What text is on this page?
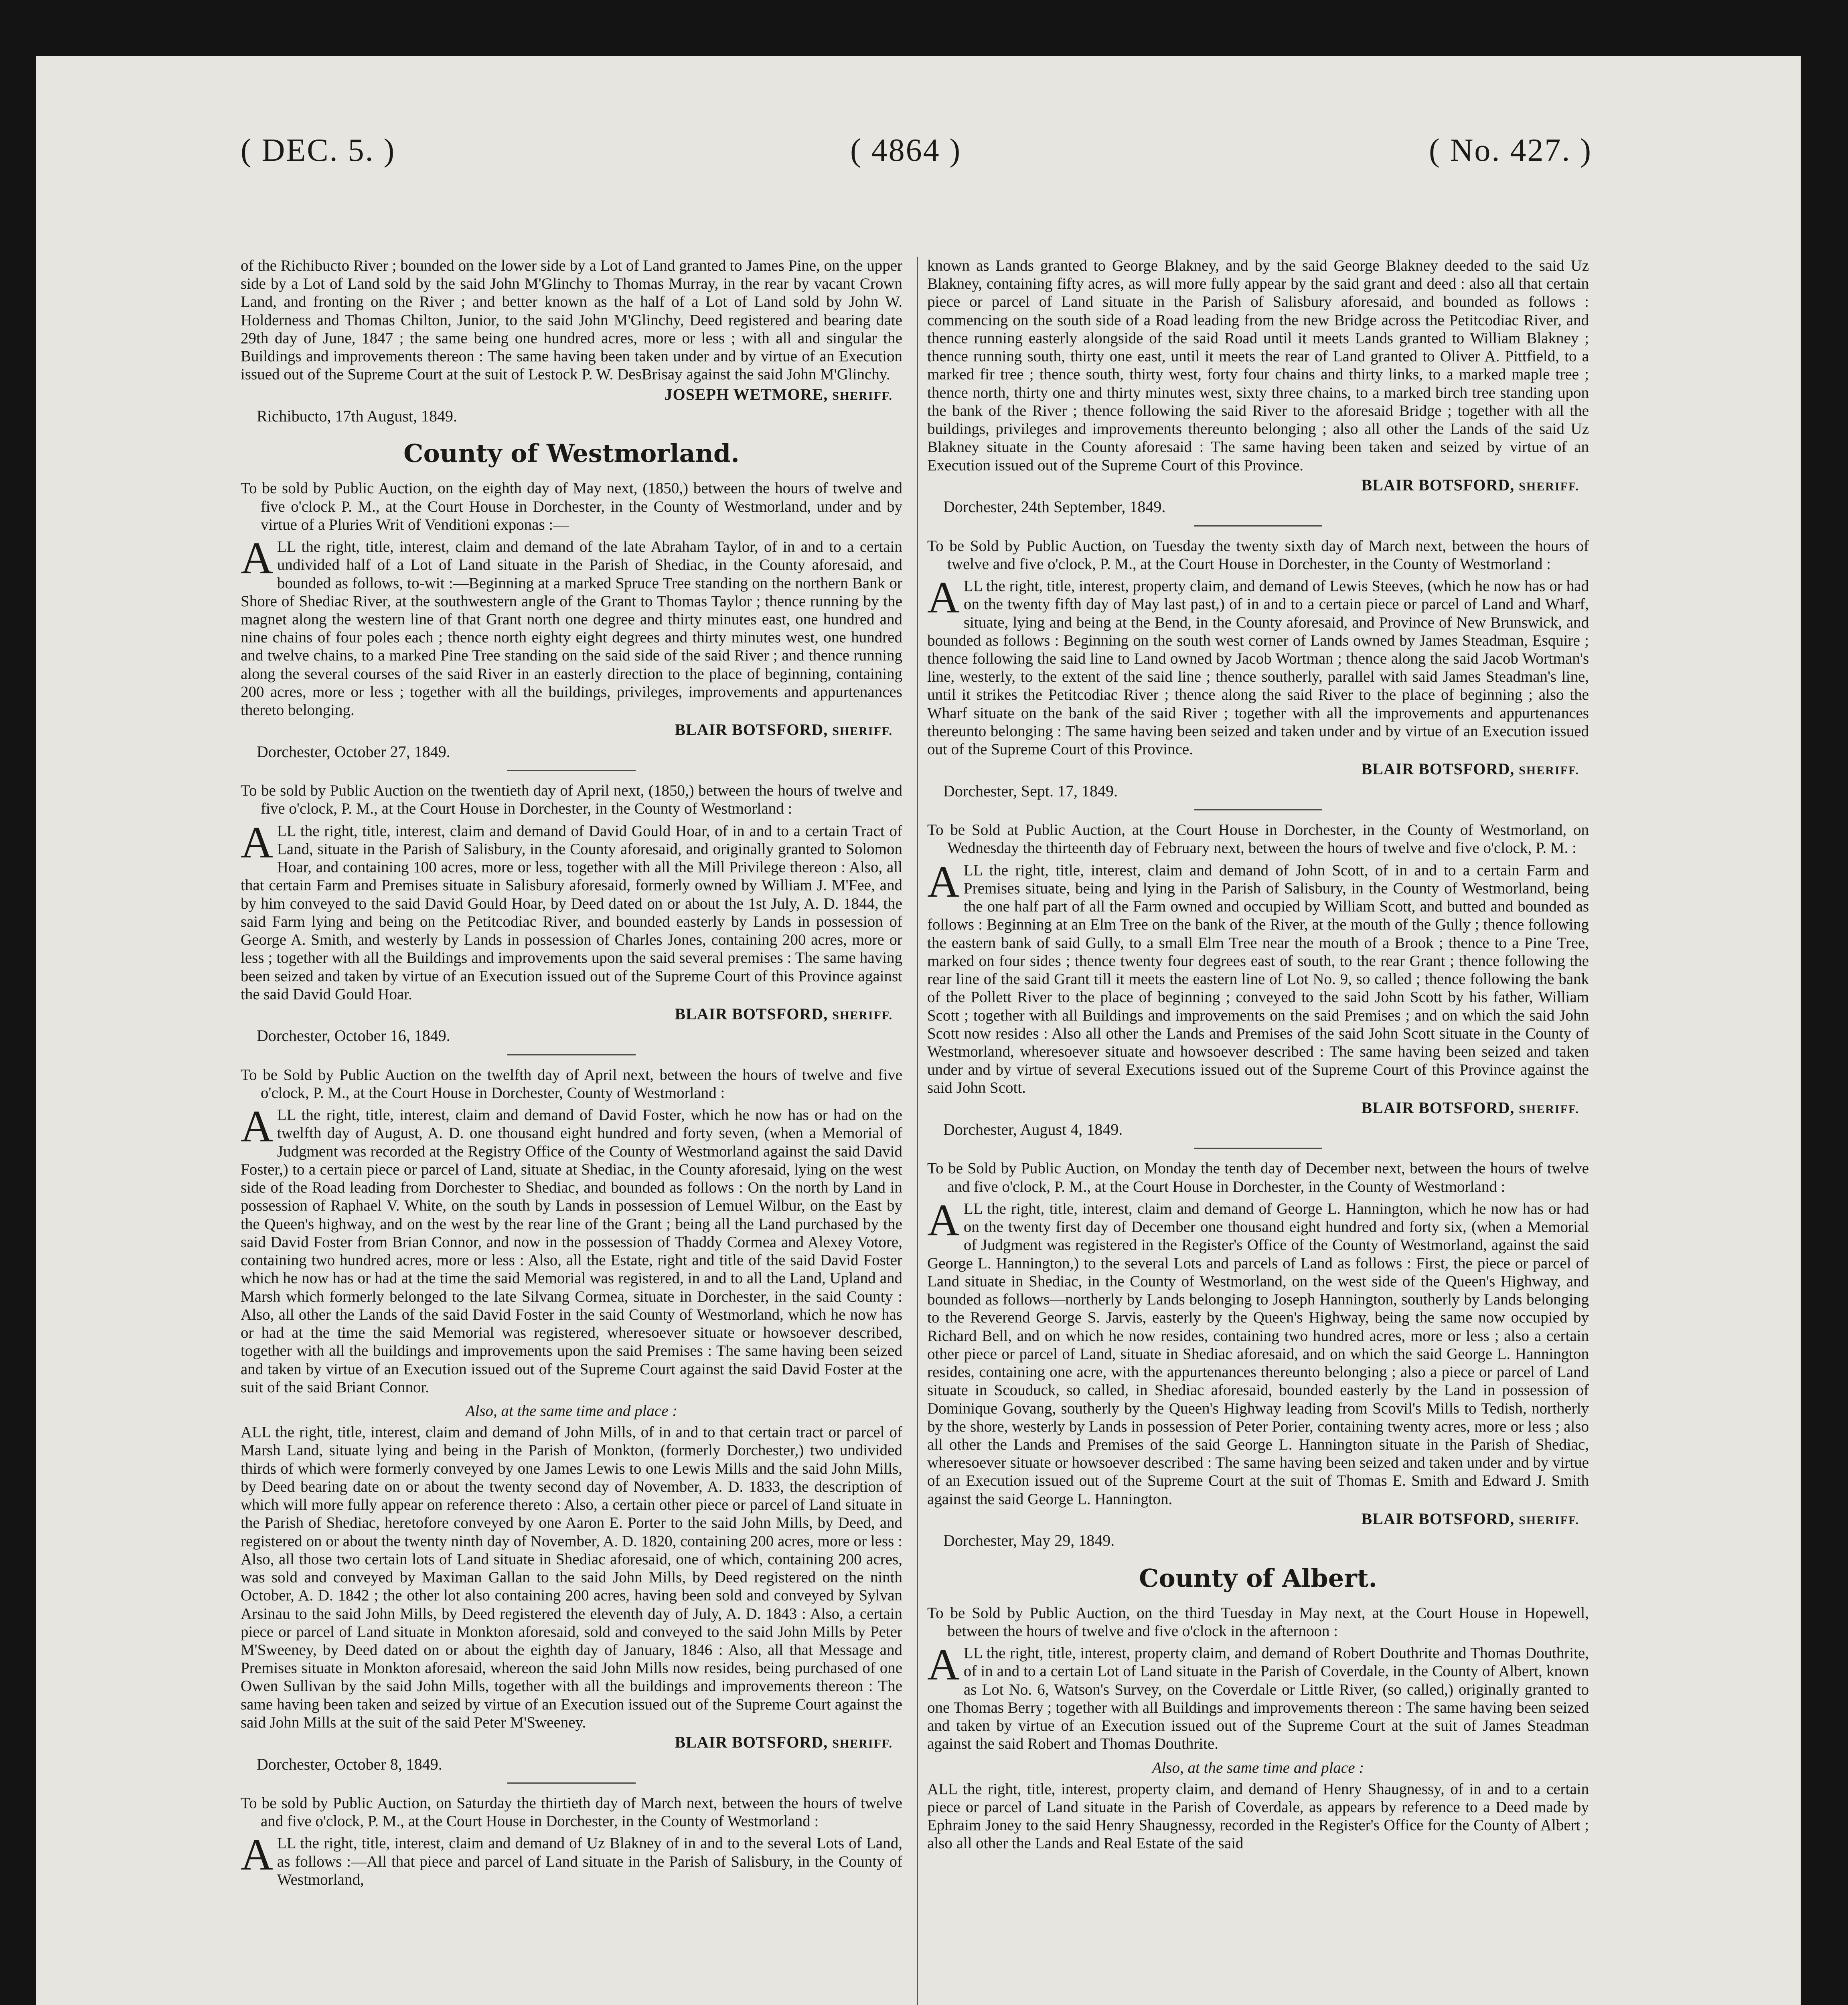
( DEC. 5. )	( 4864 )	( No. 427. )

of the Richibucto River ; bounded on the lower side by a Lot of Land granted to James Pine, on the upper side by a Lot of Land sold by the said John M'Glinchy to Thomas Murray, in the rear by vacant Crown Land, and fronting on the River ; and better known as the half of a Lot of Land sold by John W. Holderness and Thomas Chilton, Junior, to the said John M'Glinchy, Deed registered and bearing date 29th day of June, 1847 ; the same being one hundred acres, more or less ; with all and singular the Buildings and improvements thereon : The same having been taken under and by virtue of an Execution issued out of the Supreme Court at the suit of Lestock P. W. DesBrisay against the said John M'Glinchy.

JOSEPH WETMORE, SHERIFF.
Richibucto, 17th August, 1849.
County of Westmorland.

To be sold by Public Auction, on the eighth day of May next, (1850,) between the hours of twelve and five o'clock P. M., at the Court House in Dorchester, in the County of Westmorland, under and by virtue of a Pluries Writ of Venditioni exponas :—

ALL the right, title, interest, claim and demand of the late Abraham Taylor, of in and to a certain undivided half of a Lot of Land situate in the Parish of Shediac, in the County aforesaid, and bounded as follows, to-wit :—Beginning at a marked Spruce Tree standing on the northern Bank or Shore of Shediac River, at the southwestern angle of the Grant to Thomas Taylor ; thence running by the magnet along the western line of that Grant north one degree and thirty minutes east, one hundred and nine chains of four poles each ; thence north eighty eight degrees and thirty minutes west, one hundred and twelve chains, to a marked Pine Tree standing on the said side of the said River ; and thence running along the several courses of the said River in an easterly direction to the place of beginning, containing 200 acres, more or less ; together with all the buildings, privileges, improvements and appurtenances thereto belonging.

BLAIR BOTSFORD, SHERIFF.
Dorchester, October 27, 1849.

To be sold by Public Auction on the twentieth day of April next, (1850,) between the hours of twelve and five o'clock, P. M., at the Court House in Dorchester, in the County of Westmorland :

ALL the right, title, interest, claim and demand of David Gould Hoar, of in and to a certain Tract of Land, situate in the Parish of Salisbury, in the County aforesaid, and originally granted to Solomon Hoar, and containing 100 acres, more or less, together with all the Mill Privilege thereon : Also, all that certain Farm and Premises situate in Salisbury aforesaid, formerly owned by William J. M'Fee, and by him conveyed to the said David Gould Hoar, by Deed dated on or about the 1st July, A. D. 1844, the said Farm lying and being on the Petitcodiac River, and bounded easterly by Lands in possession of George A. Smith, and westerly by Lands in possession of Charles Jones, containing 200 acres, more or less ; together with all the Buildings and improvements upon the said several premises : The same having been seized and taken by virtue of an Execution issued out of the Supreme Court of this Province against the said David Gould Hoar.

BLAIR BOTSFORD, SHERIFF.
Dorchester, October 16, 1849.

To be Sold by Public Auction on the twelfth day of April next, between the hours of twelve and five o'clock, P. M., at the Court House in Dorchester, County of Westmorland :

ALL the right, title, interest, claim and demand of David Foster, which he now has or had on the twelfth day of August, A. D. one thousand eight hundred and forty seven, (when a Memorial of Judgment was recorded at the Registry Office of the County of Westmorland against the said David Foster,) to a certain piece or parcel of Land, situate at Shediac, in the County aforesaid, lying on the west side of the Road leading from Dorchester to Shediac, and bounded as follows : On the north by Land in possession of Raphael V. White, on the south by Lands in possession of Lemuel Wilbur, on the East by the Queen's highway, and on the west by the rear line of the Grant ; being all the Land purchased by the said David Foster from Brian Connor, and now in the possession of Thaddy Cormea and Alexey Votore, containing two hundred acres, more or less : Also, all the Estate, right and title of the said David Foster which he now has or had at the time the said Memorial was registered, in and to all the Land, Upland and Marsh which formerly belonged to the late Silvang Cormea, situate in Dorchester, in the said County : Also, all other the Lands of the said David Foster in the said County of Westmorland, which he now has or had at the time the said Memorial was registered, wheresoever situate or howsoever described, together with all the buildings and improvements upon the said Premises : The same having been seized and taken by virtue of an Execution issued out of the Supreme Court against the said David Foster at the suit of the said Briant Connor.

Also, at the same time and place :

ALL the right, title, interest, claim and demand of John Mills, of in and to that certain tract or parcel of Marsh Land, situate lying and being in the Parish of Monkton, (formerly Dorchester,) two undivided thirds of which were formerly conveyed by one James Lewis to one Lewis Mills and the said John Mills, by Deed bearing date on or about the twenty second day of November, A. D. 1833, the description of which will more fully appear on reference thereto : Also, a certain other piece or parcel of Land situate in the Parish of Shediac, heretofore conveyed by one Aaron E. Porter to the said John Mills, by Deed, and registered on or about the twenty ninth day of November, A. D. 1820, containing 200 acres, more or less : Also, all those two certain lots of Land situate in Shediac aforesaid, one of which, containing 200 acres, was sold and conveyed by Maximan Gallan to the said John Mills, by Deed registered on the ninth October, A. D. 1842 ; the other lot also containing 200 acres, having been sold and conveyed by Sylvan Arsinau to the said John Mills, by Deed registered the eleventh day of July, A. D. 1843 : Also, a certain piece or parcel of Land situate in Monkton aforesaid, sold and conveyed to the said John Mills by Peter M'Sweeney, by Deed dated on or about the eighth day of January, 1846 : Also, all that Message and Premises situate in Monkton aforesaid, whereon the said John Mills now resides, being purchased of one Owen Sullivan by the said John Mills, together with all the buildings and improvements thereon : The same having been taken and seized by virtue of an Execution issued out of the Supreme Court against the said John Mills at the suit of the said Peter M'Sweeney.

BLAIR BOTSFORD, SHERIFF.
Dorchester, October 8, 1849.

To be sold by Public Auction, on Saturday the thirtieth day of March next, between the hours of twelve and five o'clock, P. M., at the Court House in Dorchester, in the County of Westmorland :

ALL the right, title, interest, claim and demand of Uz Blakney of in and to the several Lots of Land, as follows :—All that piece and parcel of Land situate in the Parish of Salisbury, in the County of Westmorland,

known as Lands granted to George Blakney, and by the said George Blakney deeded to the said Uz Blakney, containing fifty acres, as will more fully appear by the said grant and deed : also all that certain piece or parcel of Land situate in the Parish of Salisbury aforesaid, and bounded as follows : commencing on the south side of a Road leading from the new Bridge across the Petitcodiac River, and thence running easterly alongside of the said Road until it meets Lands granted to William Blakney ; thence running south, thirty one east, until it meets the rear of Land granted to Oliver A. Pittfield, to a marked fir tree ; thence south, thirty west, forty four chains and thirty links, to a marked maple tree ; thence north, thirty one and thirty minutes west, sixty three chains, to a marked birch tree standing upon the bank of the River ; thence following the said River to the aforesaid Bridge ; together with all the buildings, privileges and improvements thereunto belonging ; also all other the Lands of the said Uz Blakney situate in the County aforesaid : The same having been taken and seized by virtue of an Execution issued out of the Supreme Court of this Province.

BLAIR BOTSFORD, SHERIFF.
Dorchester, 24th September, 1849.

To be Sold by Public Auction, on Tuesday the twenty sixth day of March next, between the hours of twelve and five o'clock, P. M., at the Court House in Dorchester, in the County of Westmorland :

ALL the right, title, interest, property claim, and demand of Lewis Steeves, (which he now has or had on the twenty fifth day of May last past,) of in and to a certain piece or parcel of Land and Wharf, situate, lying and being at the Bend, in the County aforesaid, and Province of New Brunswick, and bounded as follows : Beginning on the south west corner of Lands owned by James Steadman, Esquire ; thence following the said line to Land owned by Jacob Wortman ; thence along the said Jacob Wortman's line, westerly, to the extent of the said line ; thence southerly, parallel with said James Steadman's line, until it strikes the Petitcodiac River ; thence along the said River to the place of beginning ; also the Wharf situate on the bank of the said River ; together with all the improvements and appurtenances thereunto belonging : The same having been seized and taken under and by virtue of an Execution issued out of the Supreme Court of this Province.

BLAIR BOTSFORD, SHERIFF.
Dorchester, Sept. 17, 1849.

To be Sold at Public Auction, at the Court House in Dorchester, in the County of Westmorland, on Wednesday the thirteenth day of February next, between the hours of twelve and five o'clock, P. M. :

ALL the right, title, interest, claim and demand of John Scott, of in and to a certain Farm and Premises situate, being and lying in the Parish of Salisbury, in the County of Westmorland, being the one half part of all the Farm owned and occupied by William Scott, and butted and bounded as follows : Beginning at an Elm Tree on the bank of the River, at the mouth of the Gully ; thence following the eastern bank of said Gully, to a small Elm Tree near the mouth of a Brook ; thence to a Pine Tree, marked on four sides ; thence twenty four degrees east of south, to the rear Grant ; thence following the rear line of the said Grant till it meets the eastern line of Lot No. 9, so called ; thence following the bank of the Pollett River to the place of beginning ; conveyed to the said John Scott by his father, William Scott ; together with all Buildings and improvements on the said Premises ; and on which the said John Scott now resides : Also all other the Lands and Premises of the said John Scott situate in the County of Westmorland, wheresoever situate and howsoever described : The same having been seized and taken under and by virtue of several Executions issued out of the Supreme Court of this Province against the said John Scott.

BLAIR BOTSFORD, SHERIFF.
Dorchester, August 4, 1849.

To be Sold by Public Auction, on Monday the tenth day of December next, between the hours of twelve and five o'clock, P. M., at the Court House in Dorchester, in the County of Westmorland :

ALL the right, title, interest, claim and demand of George L. Hannington, which he now has or had on the twenty first day of December one thousand eight hundred and forty six, (when a Memorial of Judgment was registered in the Register's Office of the County of Westmorland, against the said George L. Hannington,) to the several Lots and parcels of Land as follows : First, the piece or parcel of Land situate in Shediac, in the County of Westmorland, on the west side of the Queen's Highway, and bounded as follows—northerly by Lands belonging to Joseph Hannington, southerly by Lands belonging to the Reverend George S. Jarvis, easterly by the Queen's Highway, being the same now occupied by Richard Bell, and on which he now resides, containing two hundred acres, more or less ; also a certain other piece or parcel of Land, situate in Shediac aforesaid, and on which the said George L. Hannington resides, containing one acre, with the appurtenances thereunto belonging ; also a piece or parcel of Land situate in Scouduck, so called, in Shediac aforesaid, bounded easterly by the Land in possession of Dominique Govang, southerly by the Queen's Highway leading from Scovil's Mills to Tedish, northerly by the shore, westerly by Lands in possession of Peter Porier, containing twenty acres, more or less ; also all other the Lands and Premises of the said George L. Hannington situate in the Parish of Shediac, wheresoever situate or howsoever described : The same having been seized and taken under and by virtue of an Execution issued out of the Supreme Court at the suit of Thomas E. Smith and Edward J. Smith against the said George L. Hannington.

BLAIR BOTSFORD, SHERIFF.
Dorchester, May 29, 1849.
County of Albert.

To be Sold by Public Auction, on the third Tuesday in May next, at the Court House in Hopewell, between the hours of twelve and five o'clock in the afternoon :

ALL the right, title, interest, property claim, and demand of Robert Douthrite and Thomas Douthrite, of in and to a certain Lot of Land situate in the Parish of Coverdale, in the County of Albert, known as Lot No. 6, Watson's Survey, on the Coverdale or Little River, (so called,) originally granted to one Thomas Berry ; together with all Buildings and improvements thereon : The same having been seized and taken by virtue of an Execution issued out of the Supreme Court at the suit of James Steadman against the said Robert and Thomas Douthrite.

Also, at the same time and place :

ALL the right, title, interest, property claim, and demand of Henry Shaugnessy, of in and to a certain piece or parcel of Land situate in the Parish of Coverdale, as appears by reference to a Deed made by Ephraim Joney to the said Henry Shaugnessy, recorded in the Register's Office for the County of Albert ; also all other the Lands and Real Estate of the said
